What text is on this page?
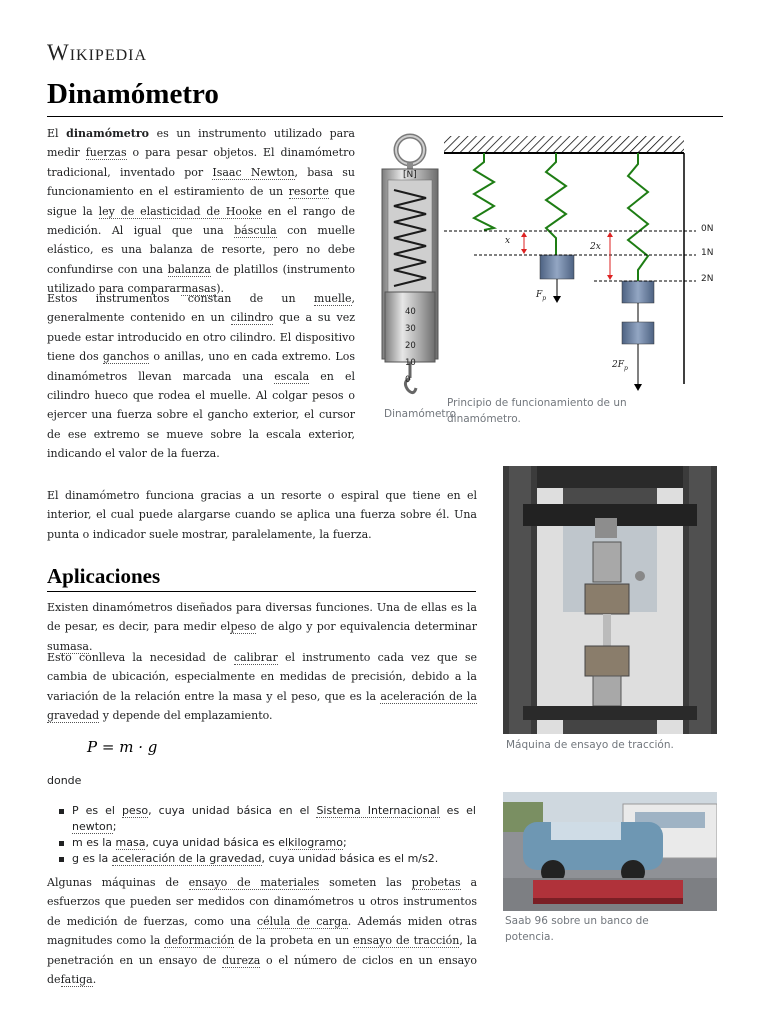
Wikipedia
Dinamómetro

El dinamómetro es un instrumento utilizado para medir fuerzas o para pesar objetos. El dinamómetro tradicional, inventado por Isaac Newton, basa su funcionamiento en el estiramiento de un resorte que sigue la ley de elasticidad de Hooke en el rango de medición. Al igual que una báscula con muelle elástico, es una balanza de resorte, pero no debe confundirse con una balanza de platillos (instrumento utilizado para compararmasas).

Estos instrumentos constan de un muelle, generalmente contenido en un cilindro que a su vez puede estar introducido en otro cilindro. El dispositivo tiene dos ganchos o anillas, uno en cada extremo. Los dinamómetros llevan marcada una escala en el cilindro hueco que rodea el muelle. Al colgar pesos o ejercer una fuerza sobre el gancho exterior, el cursor de ese extremo se mueve sobre la escala exterior, indicando el valor de la fuerza.

[N]
40
30
20
10
0
Dinamómetro
0N
1N
2N
x
2x
$F_p$
$2F_p$
Principio de funcionamiento de un dinamómetro.

El dinamómetro funciona gracias a un resorte o espiral que tiene en el interior, el cual puede alargarse cuando se aplica una fuerza sobre él. Una punta o indicador suele mostrar, paralelamente, la fuerza.

Aplicaciones

Existen dinamómetros diseñados para diversas funciones. Una de ellas es la de pesar, es decir, para medir elpeso de algo y por equivalencia determinar sumasa.

Esto conlleva la necesidad de calibrar el instrumento cada vez que se cambia de ubicación, especialmente en medidas de precisión, debido a la variación de la relación entre la masa y el peso, que es la aceleración de la gravedad y depende del emplazamiento.

P = m · g
donde
P es el peso, cuya unidad básica en el Sistema Internacional es el newton;
m es la masa, cuya unidad básica es elkilogramo;
g es la aceleración de la gravedad, cuya unidad básica es el m/s2.

Algunas máquinas de ensayo de materiales someten las probetas a esfuerzos que pueden ser medidos con dinamómetros u otros instrumentos de medición de fuerzas, como una célula de carga. Además miden otras magnitudes como la deformación de la probeta en un ensayo de tracción, la penetración en un ensayo de dureza o el número de ciclos en un ensayo defatiga.

Máquina de ensayo de tracción.
Saab 96 sobre un banco de potencia.
